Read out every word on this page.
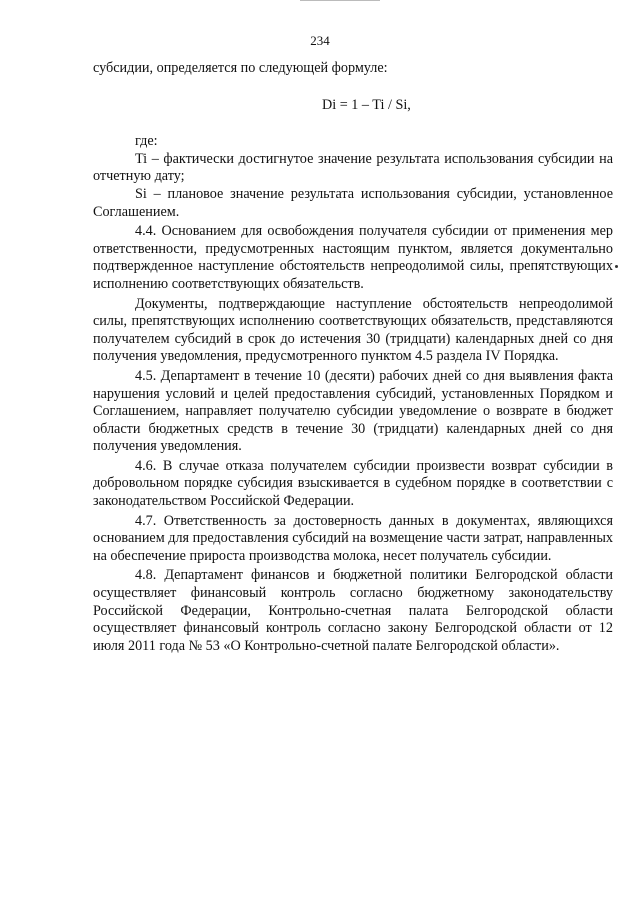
234

субсидии, определяется по следующей формуле:

Di = 1 – Ti / Si,

где:

Ti – фактически достигнутое значение результата использования субсидии на отчетную дату;

Si – плановое значение результата использования субсидии, установленное Соглашением.

4.4. Основанием для освобождения получателя субсидии от применения мер ответственности, предусмотренных настоящим пунктом, является документально подтвержденное наступление обстоятельств непреодолимой силы, препятствующих исполнению соответствующих обязательств.

Документы, подтверждающие наступление обстоятельств непреодолимой силы, препятствующих исполнению соответствующих обязательств, представляются получателем субсидий в срок до истечения 30 (тридцати) календарных дней со дня получения уведомления, предусмотренного пунктом 4.5 раздела IV Порядка.

4.5. Департамент в течение 10 (десяти) рабочих дней со дня выявления факта нарушения условий и целей предоставления субсидий, установленных Порядком и Соглашением, направляет получателю субсидии уведомление о возврате в бюджет области бюджетных средств в течение 30 (тридцати) календарных дней со дня получения уведомления.

4.6. В случае отказа получателем субсидии произвести возврат субсидии в добровольном порядке субсидия взыскивается в судебном порядке в соответствии с законодательством Российской Федерации.

4.7. Ответственность за достоверность данных в документах, являющихся основанием для предоставления субсидий на возмещение части затрат, направленных на обеспечение прироста производства молока, несет получатель субсидии.

4.8. Департамент финансов и бюджетной политики Белгородской области осуществляет финансовый контроль согласно бюджетному законодательству Российской Федерации, Контрольно-счетная палата Белгородской области осуществляет финансовый контроль согласно закону Белгородской области от 12 июля 2011 года № 53 «О Контрольно-счетной палате Белгородской области».
